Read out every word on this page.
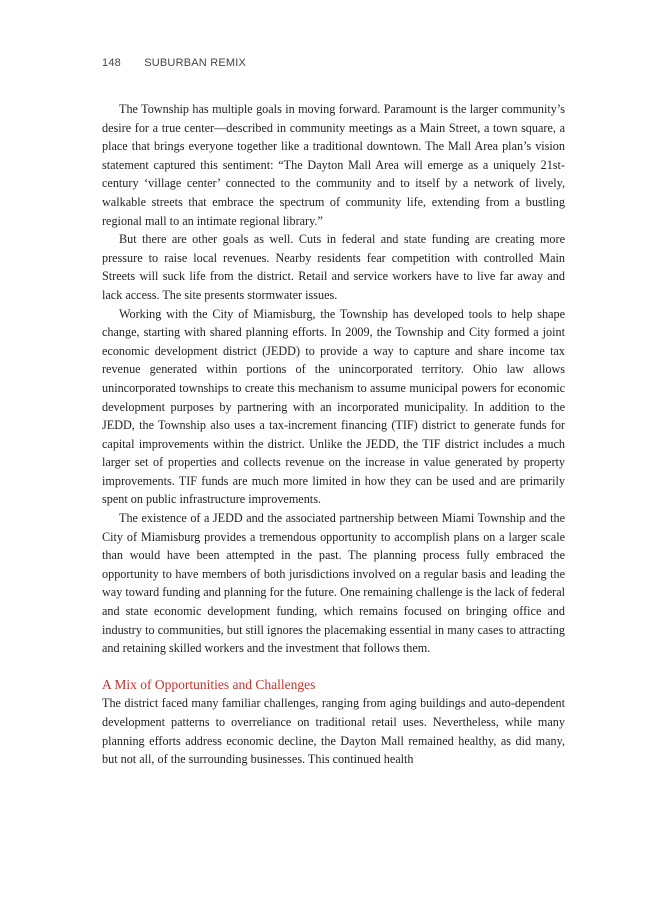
148 SUBURBAN REMIX

The Township has multiple goals in moving forward. Paramount is the larger community’s desire for a true center—described in community meetings as a Main Street, a town square, a place that brings everyone together like a traditional downtown. The Mall Area plan’s vision statement captured this sentiment: “The Dayton Mall Area will emerge as a uniquely 21st-century ‘village center’ connected to the community and to itself by a network of lively, walkable streets that embrace the spectrum of community life, extending from a bustling regional mall to an intimate regional library.”

But there are other goals as well. Cuts in federal and state funding are creating more pressure to raise local revenues. Nearby residents fear competition with controlled Main Streets will suck life from the district. Retail and service workers have to live far away and lack access. The site presents stormwater issues.

Working with the City of Miamisburg, the Township has developed tools to help shape change, starting with shared planning efforts. In 2009, the Township and City formed a joint economic development district (JEDD) to provide a way to capture and share income tax revenue generated within portions of the unincorporated territory. Ohio law allows unincorporated townships to create this mechanism to assume municipal powers for economic development purposes by partnering with an incorporated municipality. In addition to the JEDD, the Township also uses a tax-increment financing (TIF) district to generate funds for capital improvements within the district. Unlike the JEDD, the TIF district includes a much larger set of properties and collects revenue on the increase in value generated by property improvements. TIF funds are much more limited in how they can be used and are primarily spent on public infrastructure improvements.

The existence of a JEDD and the associated partnership between Miami Township and the City of Miamisburg provides a tremendous opportunity to accomplish plans on a larger scale than would have been attempted in the past. The planning process fully embraced the opportunity to have members of both jurisdictions involved on a regular basis and leading the way toward funding and planning for the future. One remaining challenge is the lack of federal and state economic development funding, which remains focused on bringing office and industry to communities, but still ignores the placemaking essential in many cases to attracting and retaining skilled workers and the investment that follows them.

A Mix of Opportunities and Challenges

The district faced many familiar challenges, ranging from aging buildings and auto-dependent development patterns to overreliance on traditional retail uses. Nevertheless, while many planning efforts address economic decline, the Dayton Mall remained healthy, as did many, but not all, of the surrounding businesses. This continued health
